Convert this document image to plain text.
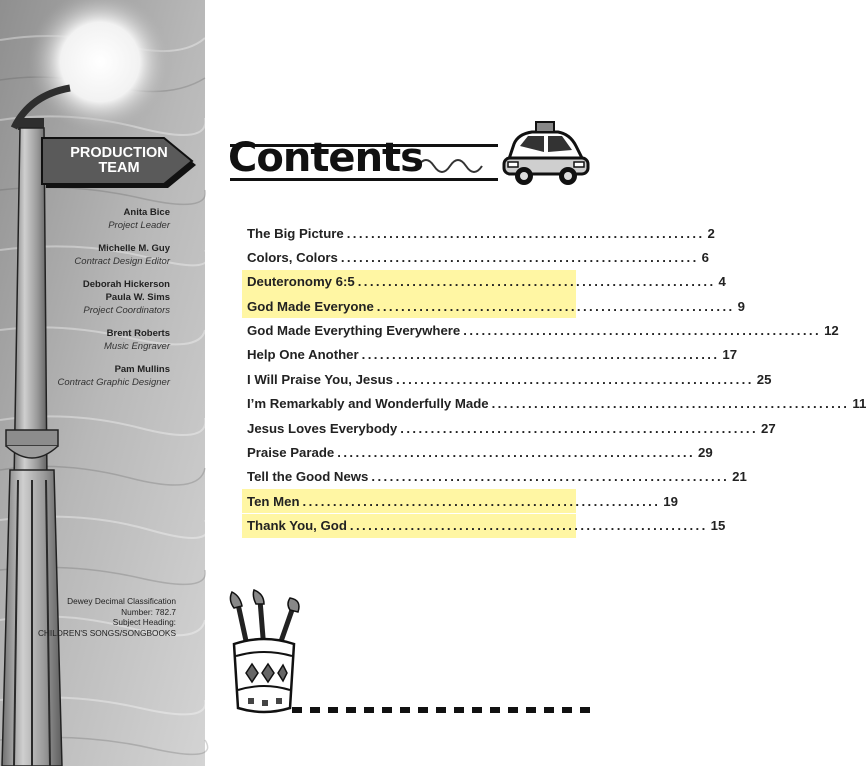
PRODUCTION
TEAM
Anita Bice
Project Leader
Michelle M. Guy
Contract Design Editor
Deborah Hickerson
Paula W. Sims
Project Coordinators
Brent Roberts
Music Engraver
Pam Mullins
Contract Graphic Designer
Dewey Decimal Classification
Number: 782.7
Subject Heading:
CHILDREN'S SONGS/SONGBOOKS
Contents
The Big Picture ........................................................... 2
Colors, Colors ........................................................... 6
Deuteronomy 6:5 ........................................................... 4
God Made Everyone ........................................................... 9
God Made Everything Everywhere ........................................................... 12
Help One Another ........................................................... 17
I Will Praise You, Jesus ........................................................... 25
I’m Remarkably and Wonderfully Made ........................................................... 11
Jesus Loves Everybody ........................................................... 27
Praise Parade ........................................................... 29
Tell the Good News ........................................................... 21
Ten Men ........................................................... 19
Thank You, God ........................................................... 15
